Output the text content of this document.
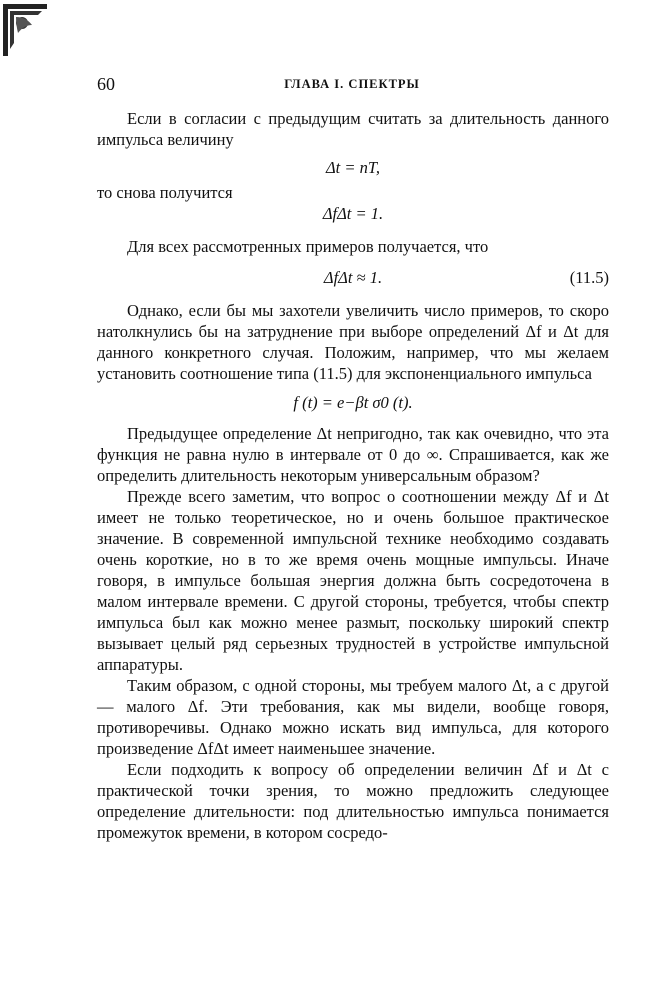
60	ГЛАВА I. СПЕКТРЫ

Если в согласии с предыдущим считать за длительность данного импульса величину

Δt = nT,

то снова получится

ΔfΔt = 1.

Для всех рассмотренных примеров получается, что

ΔfΔt ≈ 1.	(11.5)

Однако, если бы мы захотели увеличить число примеров, то скоро натолкнулись бы на затруднение при выборе определений Δf и Δt для данного конкретного случая. Положим, например, что мы желаем установить соотношение типа (11.5) для экспоненциального импульса

f (t) = e−βt σ0 (t).

Предыдущее определение Δt непригодно, так как очевидно, что эта функция не равна нулю в интервале от 0 до ∞. Спрашивается, как же определить длительность некоторым универсальным образом?

Прежде всего заметим, что вопрос о соотношении между Δf и Δt имеет не только теоретическое, но и очень большое практическое значение. В современной импульсной технике необходимо создавать очень короткие, но в то же время очень мощные импульсы. Иначе говоря, в импульсе большая энергия должна быть сосредоточена в малом интервале времени. С другой стороны, требуется, чтобы спектр импульса был как можно менее размыт, поскольку широкий спектр вызывает целый ряд серьезных трудностей в устройстве импульсной аппаратуры.

Таким образом, с одной стороны, мы требуем малого Δt, а с другой — малого Δf. Эти требования, как мы видели, вообще говоря, противоречивы. Однако можно искать вид импульса, для которого произведение ΔfΔt имеет наименьшее значение.

Если подходить к вопросу об определении величин Δf и Δt с практической точки зрения, то можно предложить следующее определение длительности: под длительностью импульса понимается промежуток времени, в котором сосредо-
